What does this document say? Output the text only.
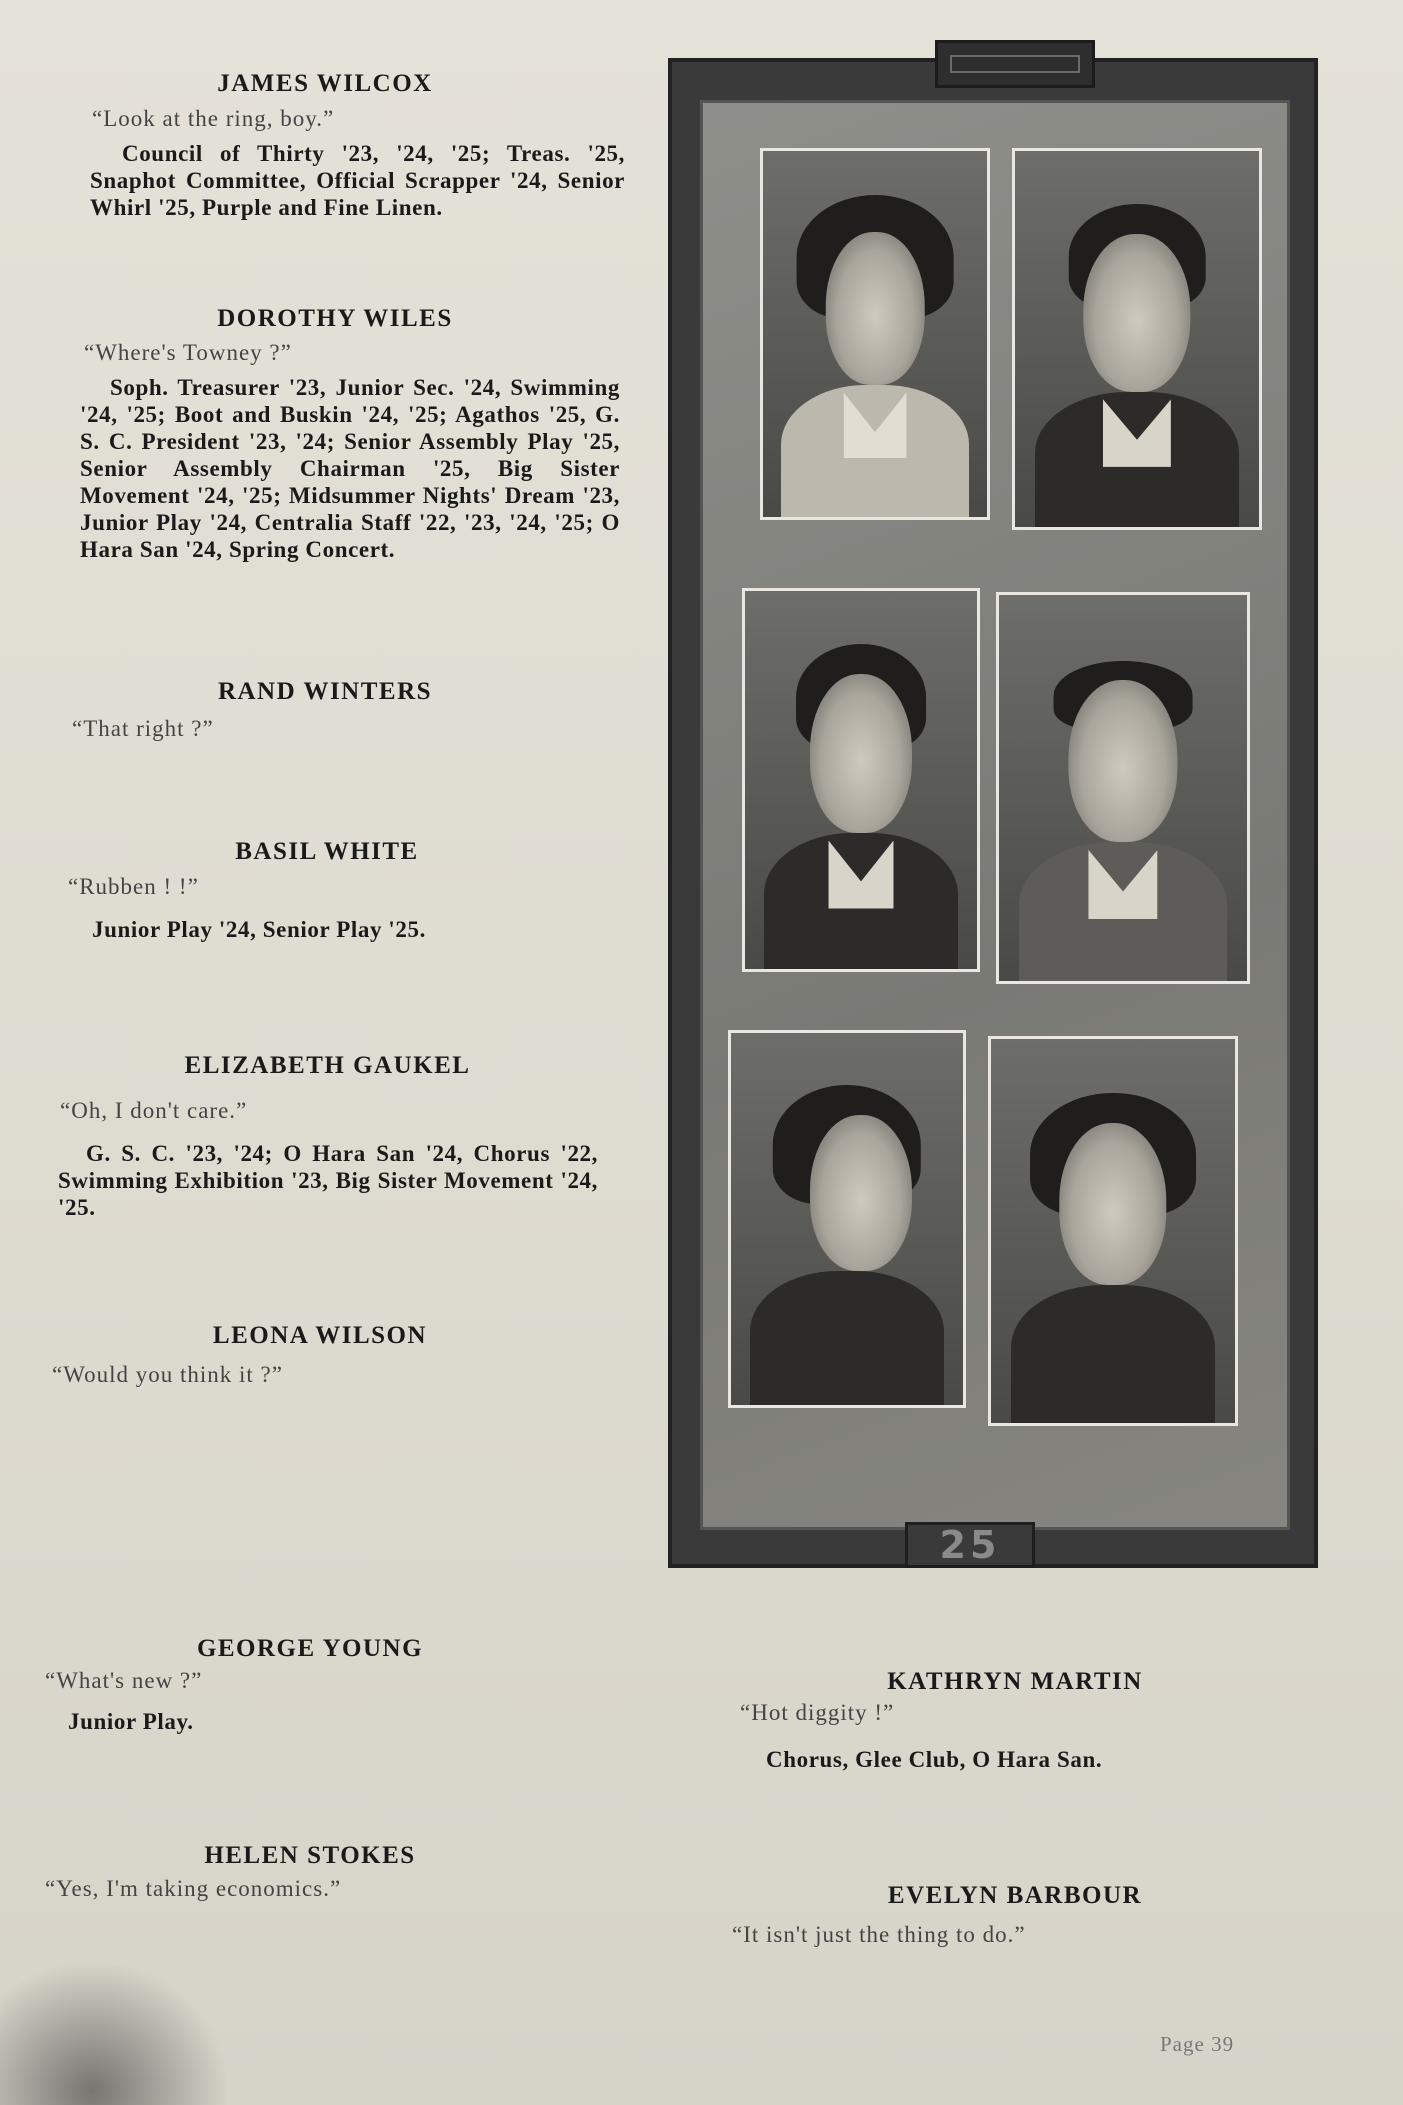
JAMES WILCOX
“Look at the ring, boy.”
Council of Thirty '23, '24, '25; Treas. '25, Snaphot Committee, Official Scrapper '24, Senior Whirl '25, Purple and Fine Linen.
DOROTHY WILES
“Where's Towney ?”
Soph. Treasurer '23, Junior Sec. '24, Swimming '24, '25; Boot and Buskin '24, '25; Agathos '25, G. S. C. President '23, '24; Senior Assembly Play '25, Senior Assembly Chairman '25, Big Sister Movement '24, '25; Midsummer Nights' Dream '23, Junior Play '24, Centralia Staff '22, '23, '24, '25; O Hara San '24, Spring Concert.
RAND WINTERS
“That right ?”
BASIL WHITE
“Rubben ! !”
Junior Play '24, Senior Play '25.
ELIZABETH GAUKEL
“Oh, I don't care.”
G. S. C. '23, '24; O Hara San '24, Chorus '22, Swimming Exhibition '23, Big Sister Movement '24, '25.
LEONA WILSON
“Would you think it ?”
GEORGE YOUNG
“What's new ?”
Junior Play.
HELEN STOKES
“Yes, I'm taking economics.”
25
KATHRYN MARTIN
“Hot diggity !”
Chorus, Glee Club, O Hara San.
EVELYN BARBOUR
“It isn't just the thing to do.”
Page 39
